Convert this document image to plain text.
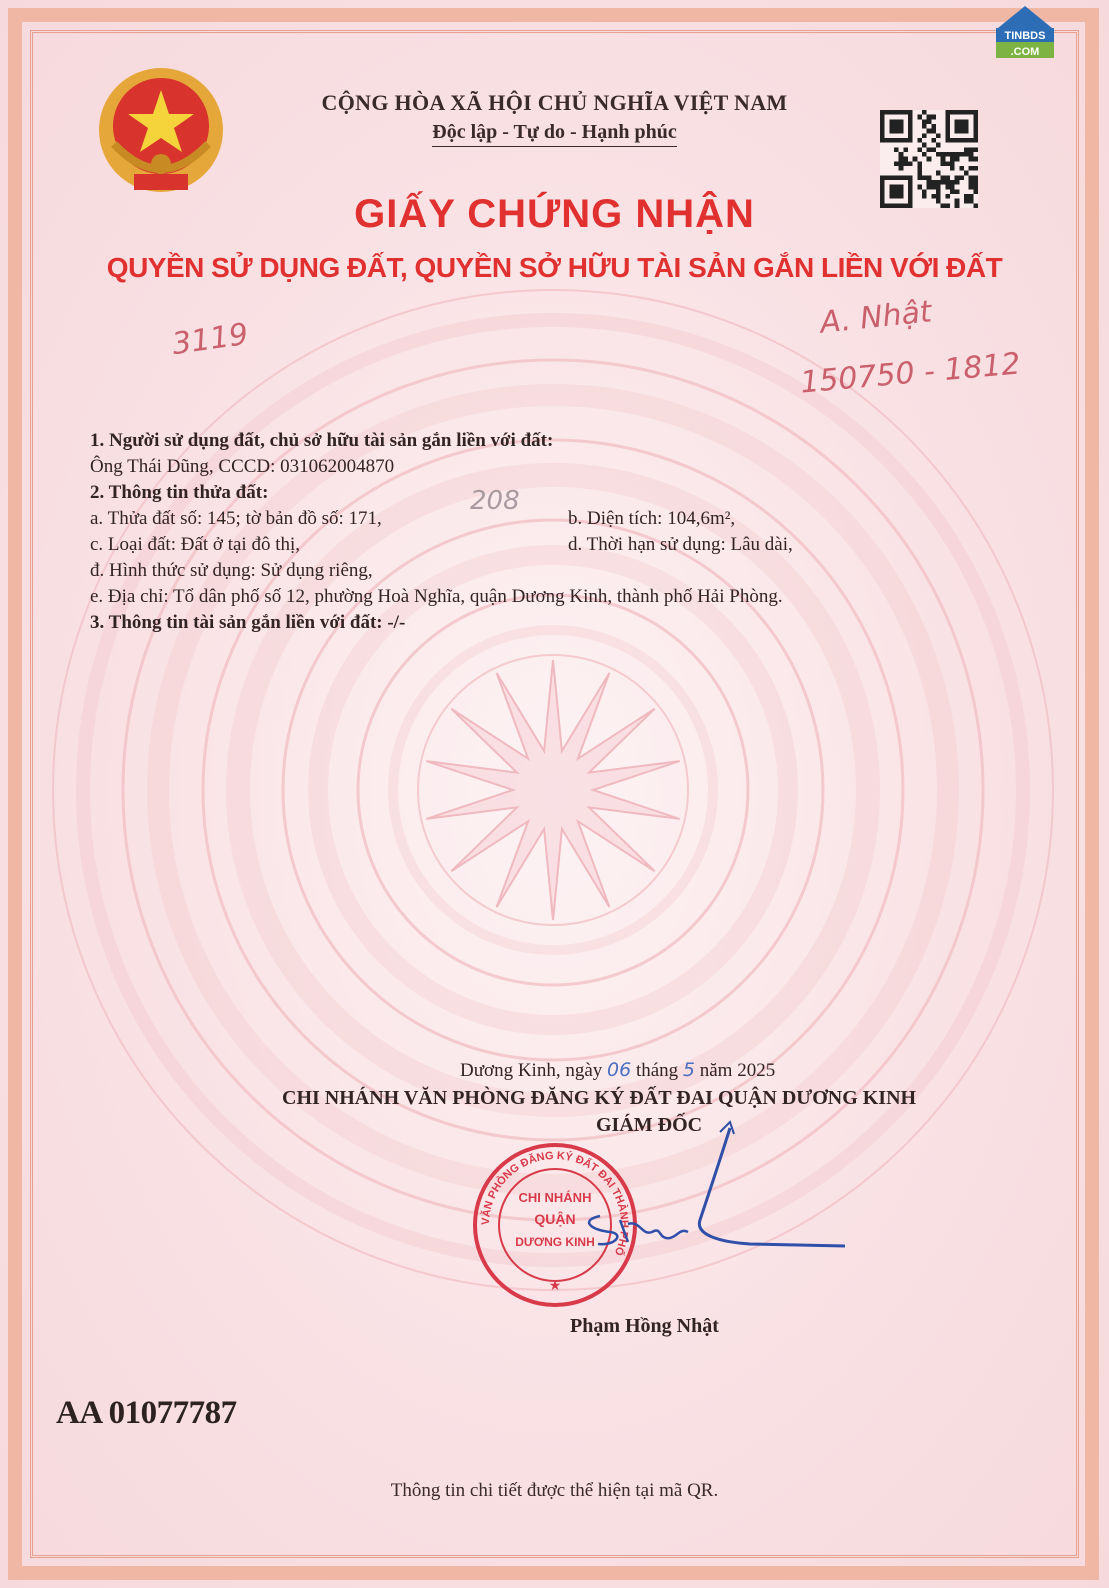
TINBDS
.COM
CỘNG HÒA XÃ HỘI CHỦ NGHĨA VIỆT NAM
Độc lập - Tự do - Hạnh phúc
GIẤY CHỨNG NHẬN
QUYỀN SỬ DỤNG ĐẤT, QUYỀN SỞ HỮU TÀI SẢN GẮN LIỀN VỚI ĐẤT
3119	A. Nhật
150750 - 1812
208
1. Người sử dụng đất, chủ sở hữu tài sản gắn liền với đất:
Ông Thái Dũng, CCCD: 031062004870
2. Thông tin thửa đất:
a. Thửa đất số: 145; tờ bản đồ số: 171,	b. Diện tích: 104,6m²,
c. Loại đất: Đất ở tại đô thị,	d. Thời hạn sử dụng: Lâu dài,
đ. Hình thức sử dụng: Sử dụng riêng,
e. Địa chỉ: Tổ dân phố số 12, phường Hoà Nghĩa, quận Dương Kinh, thành phố Hải Phòng.
3. Thông tin tài sản gắn liền với đất: -/-
Dương Kinh, ngày 06 tháng 5 năm 2025
CHI NHÁNH VĂN PHÒNG ĐĂNG KÝ ĐẤT ĐAI QUẬN DƯƠNG KINH
GIÁM ĐỐC
VĂN PHÒNG ĐĂNG KÝ ĐẤT ĐAI THÀNH PHỐ
CHI NHÁNH
QUẬN
DƯƠNG KINH
★
Phạm Hồng Nhật
AA 01077787
Thông tin chi tiết được thể hiện tại mã QR.
